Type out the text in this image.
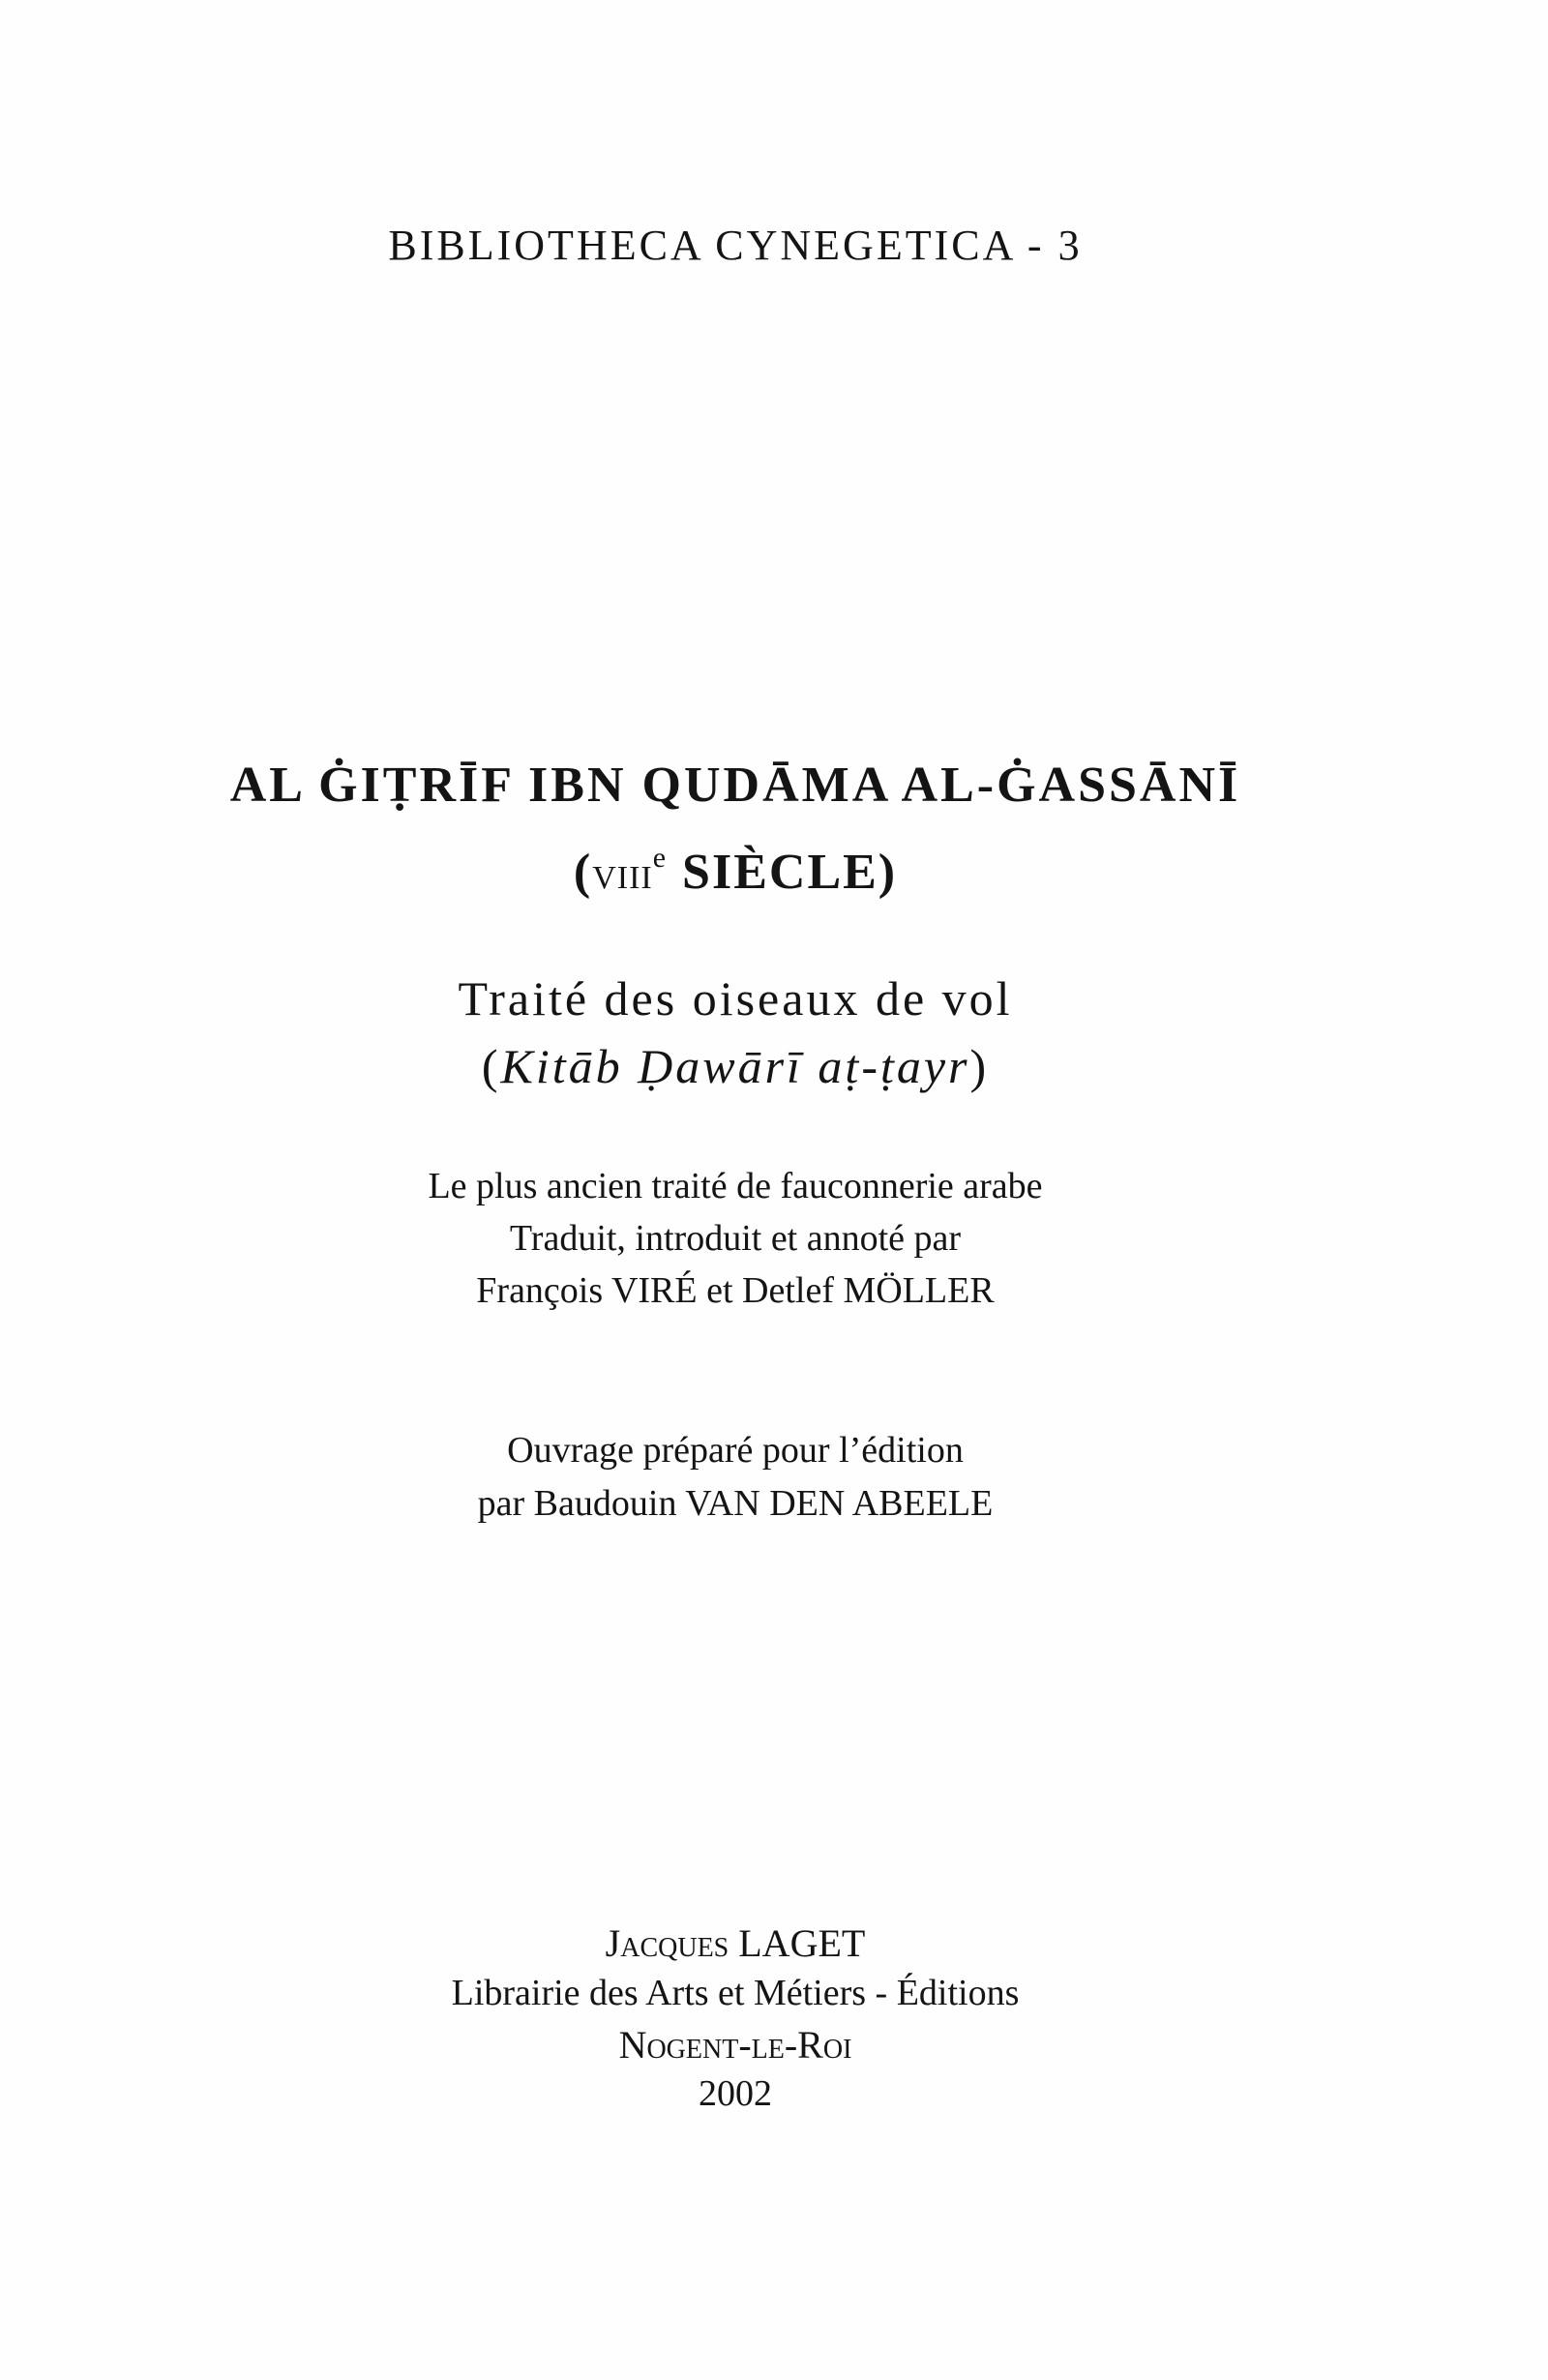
BIBLIOTHECA CYNEGETICA - 3

AL ĠIṬRĪF IBN QUDĀMA AL-ĠASSĀNĪ

(viii$^e$ SIÈCLE)

Traité des oiseaux de vol

(Kitāb Ḍawārī aṭ-ṭayr)

Le plus ancien traité de fauconnerie arabe

Traduit, introduit et annoté par

François VIRÉ et Detlef MÖLLER

Ouvrage préparé pour l’édition

par Baudouin VAN DEN ABEELE

Jacques LAGET

Librairie des Arts et Métiers - Éditions

Nogent-le-Roi

2002
